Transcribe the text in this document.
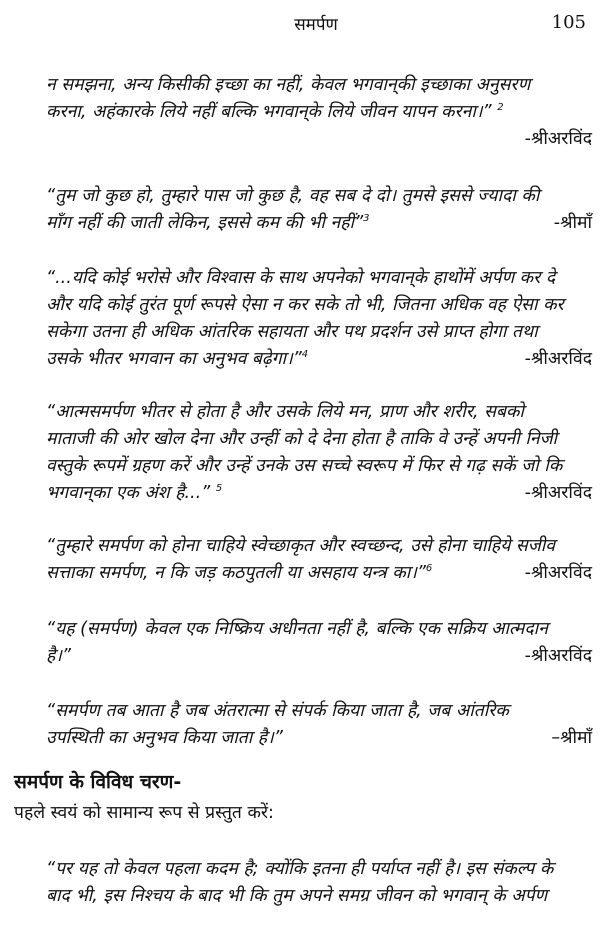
समर्पण	105
न समझना, अन्य किसीकी इच्छा का नहीं, केवल भगवान्‌की इच्छाका अनुसरण
करना, अहंकारके लिये नहीं बल्कि भगवान्‌के लिये जीवन यापन करना।” $^2$
-श्रीअरविंद
“तुम जो कुछ हो, तुम्हारे पास जो कुछ है, वह सब दे दो। तुमसे इससे ज्यादा की
माँग नहीं की जाती लेकिन, इससे कम की भी नहीं”$^3$	-श्रीमाँ
“...यदि कोई भरोसे और विश्वास के साथ अपनेको भगवान्‌के हाथोंमें अर्पण कर दे
और यदि कोई तुरंत पूर्ण रूपसे ऐसा न कर सके तो भी, जितना अधिक वह ऐसा कर
सकेगा उतना ही अधिक आंतरिक सहायता और पथ प्रदर्शन उसे प्राप्त होगा तथा
उसके भीतर भगवान का अनुभव बढ़ेगा।”$^4$	-श्रीअरविंद
“आत्मसमर्पण भीतर से होता है और उसके लिये मन, प्राण और शरीर, सबको
माताजी की ओर खोल देना और उन्हीं को दे देना होता है ताकि वे उन्हें अपनी निजी
वस्तुके रूपमें ग्रहण करें और उन्हें उनके उस सच्चे स्वरूप में फिर से गढ़ सकें जो कि
भगवान्‌का एक अंश है...” $^5$	-श्रीअरविंद
“तुम्हारे समर्पण को होना चाहिये स्वेच्छाकृत और स्वच्छन्द, उसे होना चाहिये सजीव
सत्ताका समर्पण, न कि जड़ कठपुतली या असहाय यन्त्र का।”$^6$	-श्रीअरविंद
“यह (समर्पण) केवल एक निष्क्रिय अधीनता नहीं है, बल्कि एक सक्रिय आत्मदान
है।”	-श्रीअरविंद
“समर्पण तब आता है जब अंतरात्मा से संपर्क किया जाता है, जब आंतरिक
उपस्थिती का अनुभव किया जाता है।”	–श्रीमाँ
समर्पण के विविध चरण-
पहले स्वयं को सामान्य रूप से प्रस्तुत करें:
“पर यह तो केवल पहला कदम है; क्योंकि इतना ही पर्याप्त नहीं है। इस संकल्प के
बाद भी, इस निश्चय के बाद भी कि तुम अपने समग्र जीवन को भगवान्‌ के अर्पण
